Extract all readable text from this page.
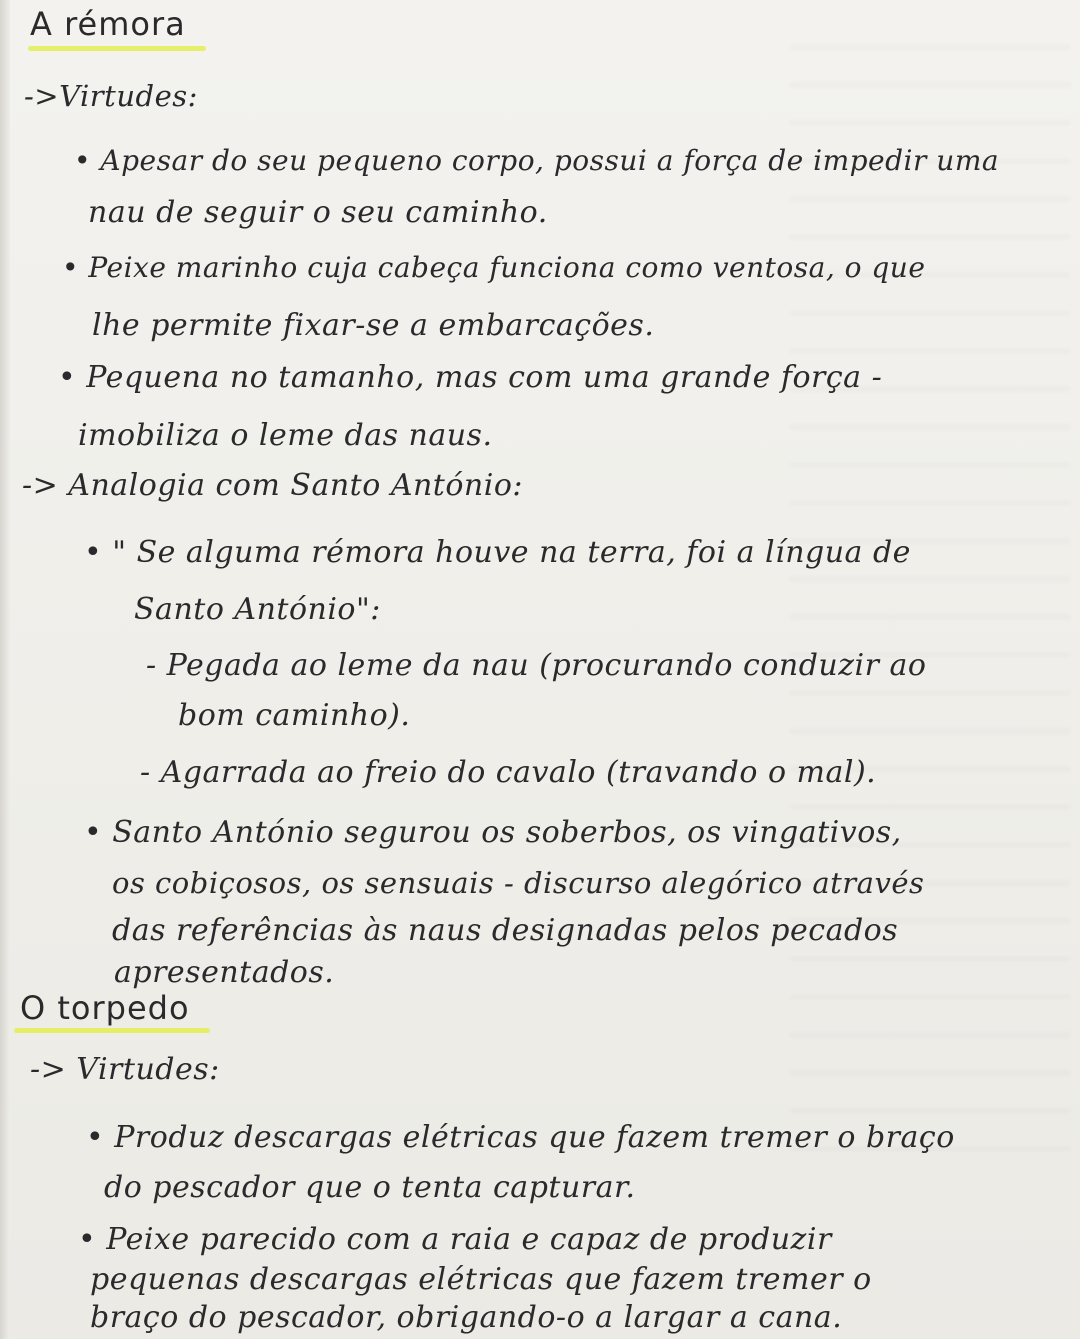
A rémora
->Virtudes:
• Apesar do seu pequeno corpo, possui a força de impedir uma
nau de seguir o seu caminho.
• Peixe marinho cuja cabeça funciona como ventosa, o que
lhe permite fixar-se a embarcações.
• Pequena no tamanho, mas com uma grande força -
imobiliza o leme das naus.
-> Analogia com Santo António:
• " Se alguma rémora houve na terra, foi a língua de
Santo António":
- Pegada ao leme da nau (procurando conduzir ao
bom caminho).
- Agarrada ao freio do cavalo (travando o mal).
• Santo António segurou os soberbos, os vingativos,
os cobiçosos, os sensuais - discurso alegórico através
das referências às naus designadas pelos pecados
apresentados.
O torpedo
-> Virtudes:
• Produz descargas elétricas que fazem tremer o braço
do pescador que o tenta capturar.
• Peixe parecido com a raia e capaz de produzir
pequenas descargas elétricas que fazem tremer o
braço do pescador, obrigando-o a largar a cana.
